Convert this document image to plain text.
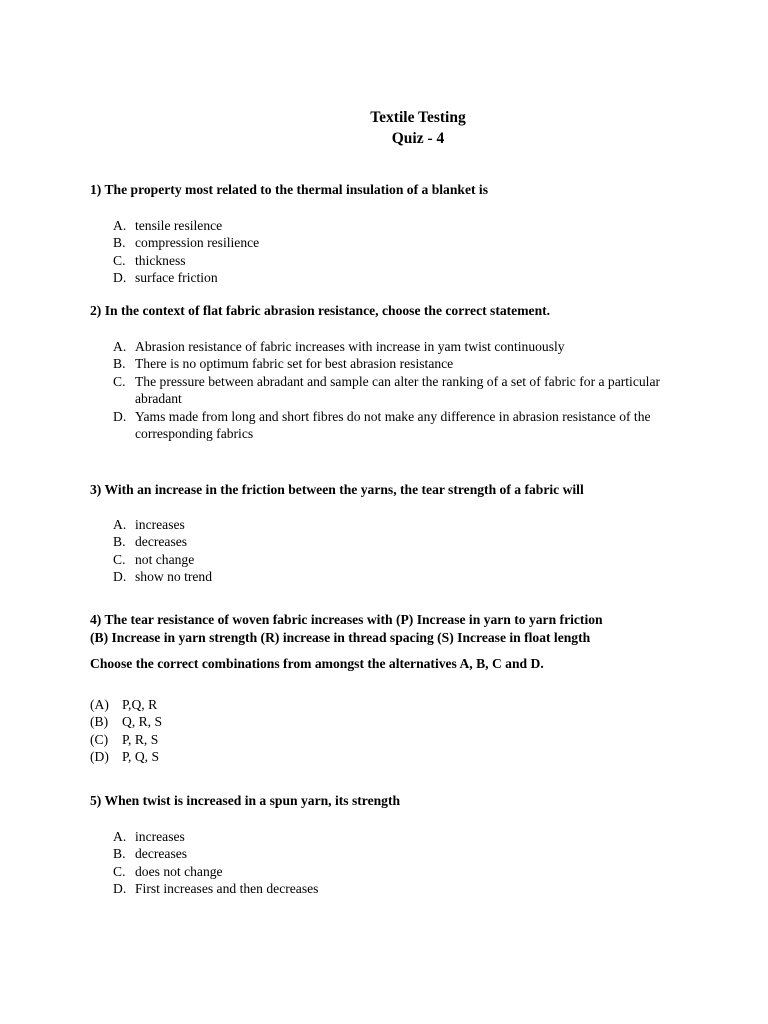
Textile Testing
Quiz - 4
1) The property most related to the thermal insulation of a blanket is
A. tensile resilence
B. compression resilience
C. thickness
D. surface friction
2) In the context of flat fabric abrasion resistance, choose the correct statement.
A. Abrasion resistance of fabric increases with increase in yam twist continuously
B. There is no optimum fabric set for best abrasion resistance
C. The pressure between abradant and sample can alter the ranking of a set of fabric for a particular abradant
D. Yams made from long and short fibres do not make any difference in abrasion resistance of the corresponding fabrics
3) With an increase in the friction between the yarns, the tear strength of a fabric will
A. increases
B. decreases
C. not change
D. show no trend
4) The tear resistance of woven fabric increases with (P) Increase in yarn to yarn friction
(B) Increase in yarn strength (R) increase in thread spacing (S) Increase in float length
Choose the correct combinations from amongst the alternatives A, B, C and D.
(A) P,Q, R
(B) Q, R, S
(C) P, R, S
(D) P, Q, S
5) When twist is increased in a spun yarn, its strength
A. increases
B. decreases
C. does not change
D. First increases and then decreases
